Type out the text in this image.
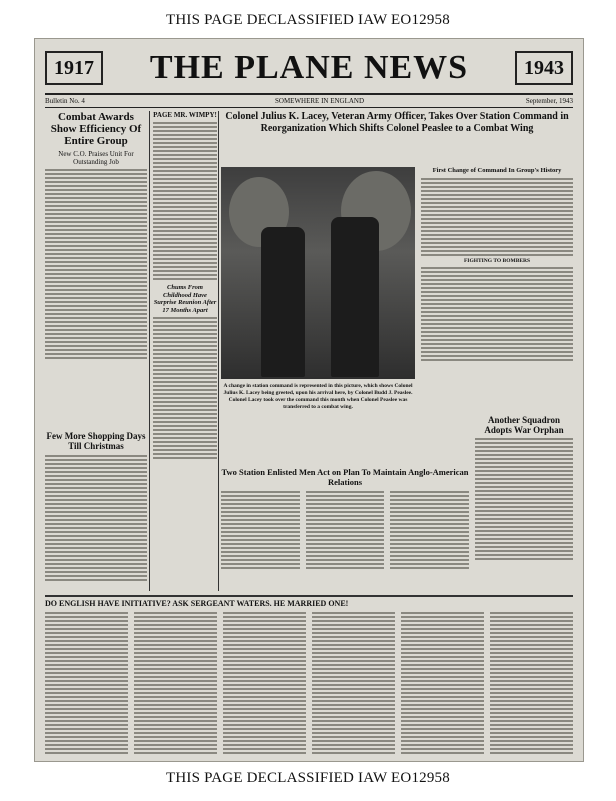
THIS PAGE DECLASSIFIED IAW EO12958
1917	THE PLANE NEWS	1943
Bulletin No. 4	SOMEWHERE IN ENGLAND	September, 1943
Combat Awards Show Efficiency Of Entire Group
New C.O. Praises Unit For Outstanding Job
Few More Shopping Days Till Christmas
PAGE MR. WIMPY!
Chums From Childhood Have Surprise Reunion After 17 Months Apart
Colonel Julius K. Lacey, Veteran Army Officer, Takes Over Station Command in Reorganization Which Shifts Colonel Peaslee to a Combat Wing
A change in station command is represented in this picture, which shows Colonel Julius K. Lacey being greeted, upon his arrival here, by Colonel Budd J. Peaslee. Colonel Lacey took over the command this month when Colonel Peaslee was transferred to a combat wing.
First Change of Command In Group's History
FIGHTING TO BOMBERS
Another Squadron Adopts War Orphan
Two Station Enlisted Men Act on Plan To Maintain Anglo-American Relations
DO ENGLISH HAVE INITIATIVE? ASK SERGEANT WATERS. HE MARRIED ONE!
THIS PAGE DECLASSIFIED IAW EO12958
